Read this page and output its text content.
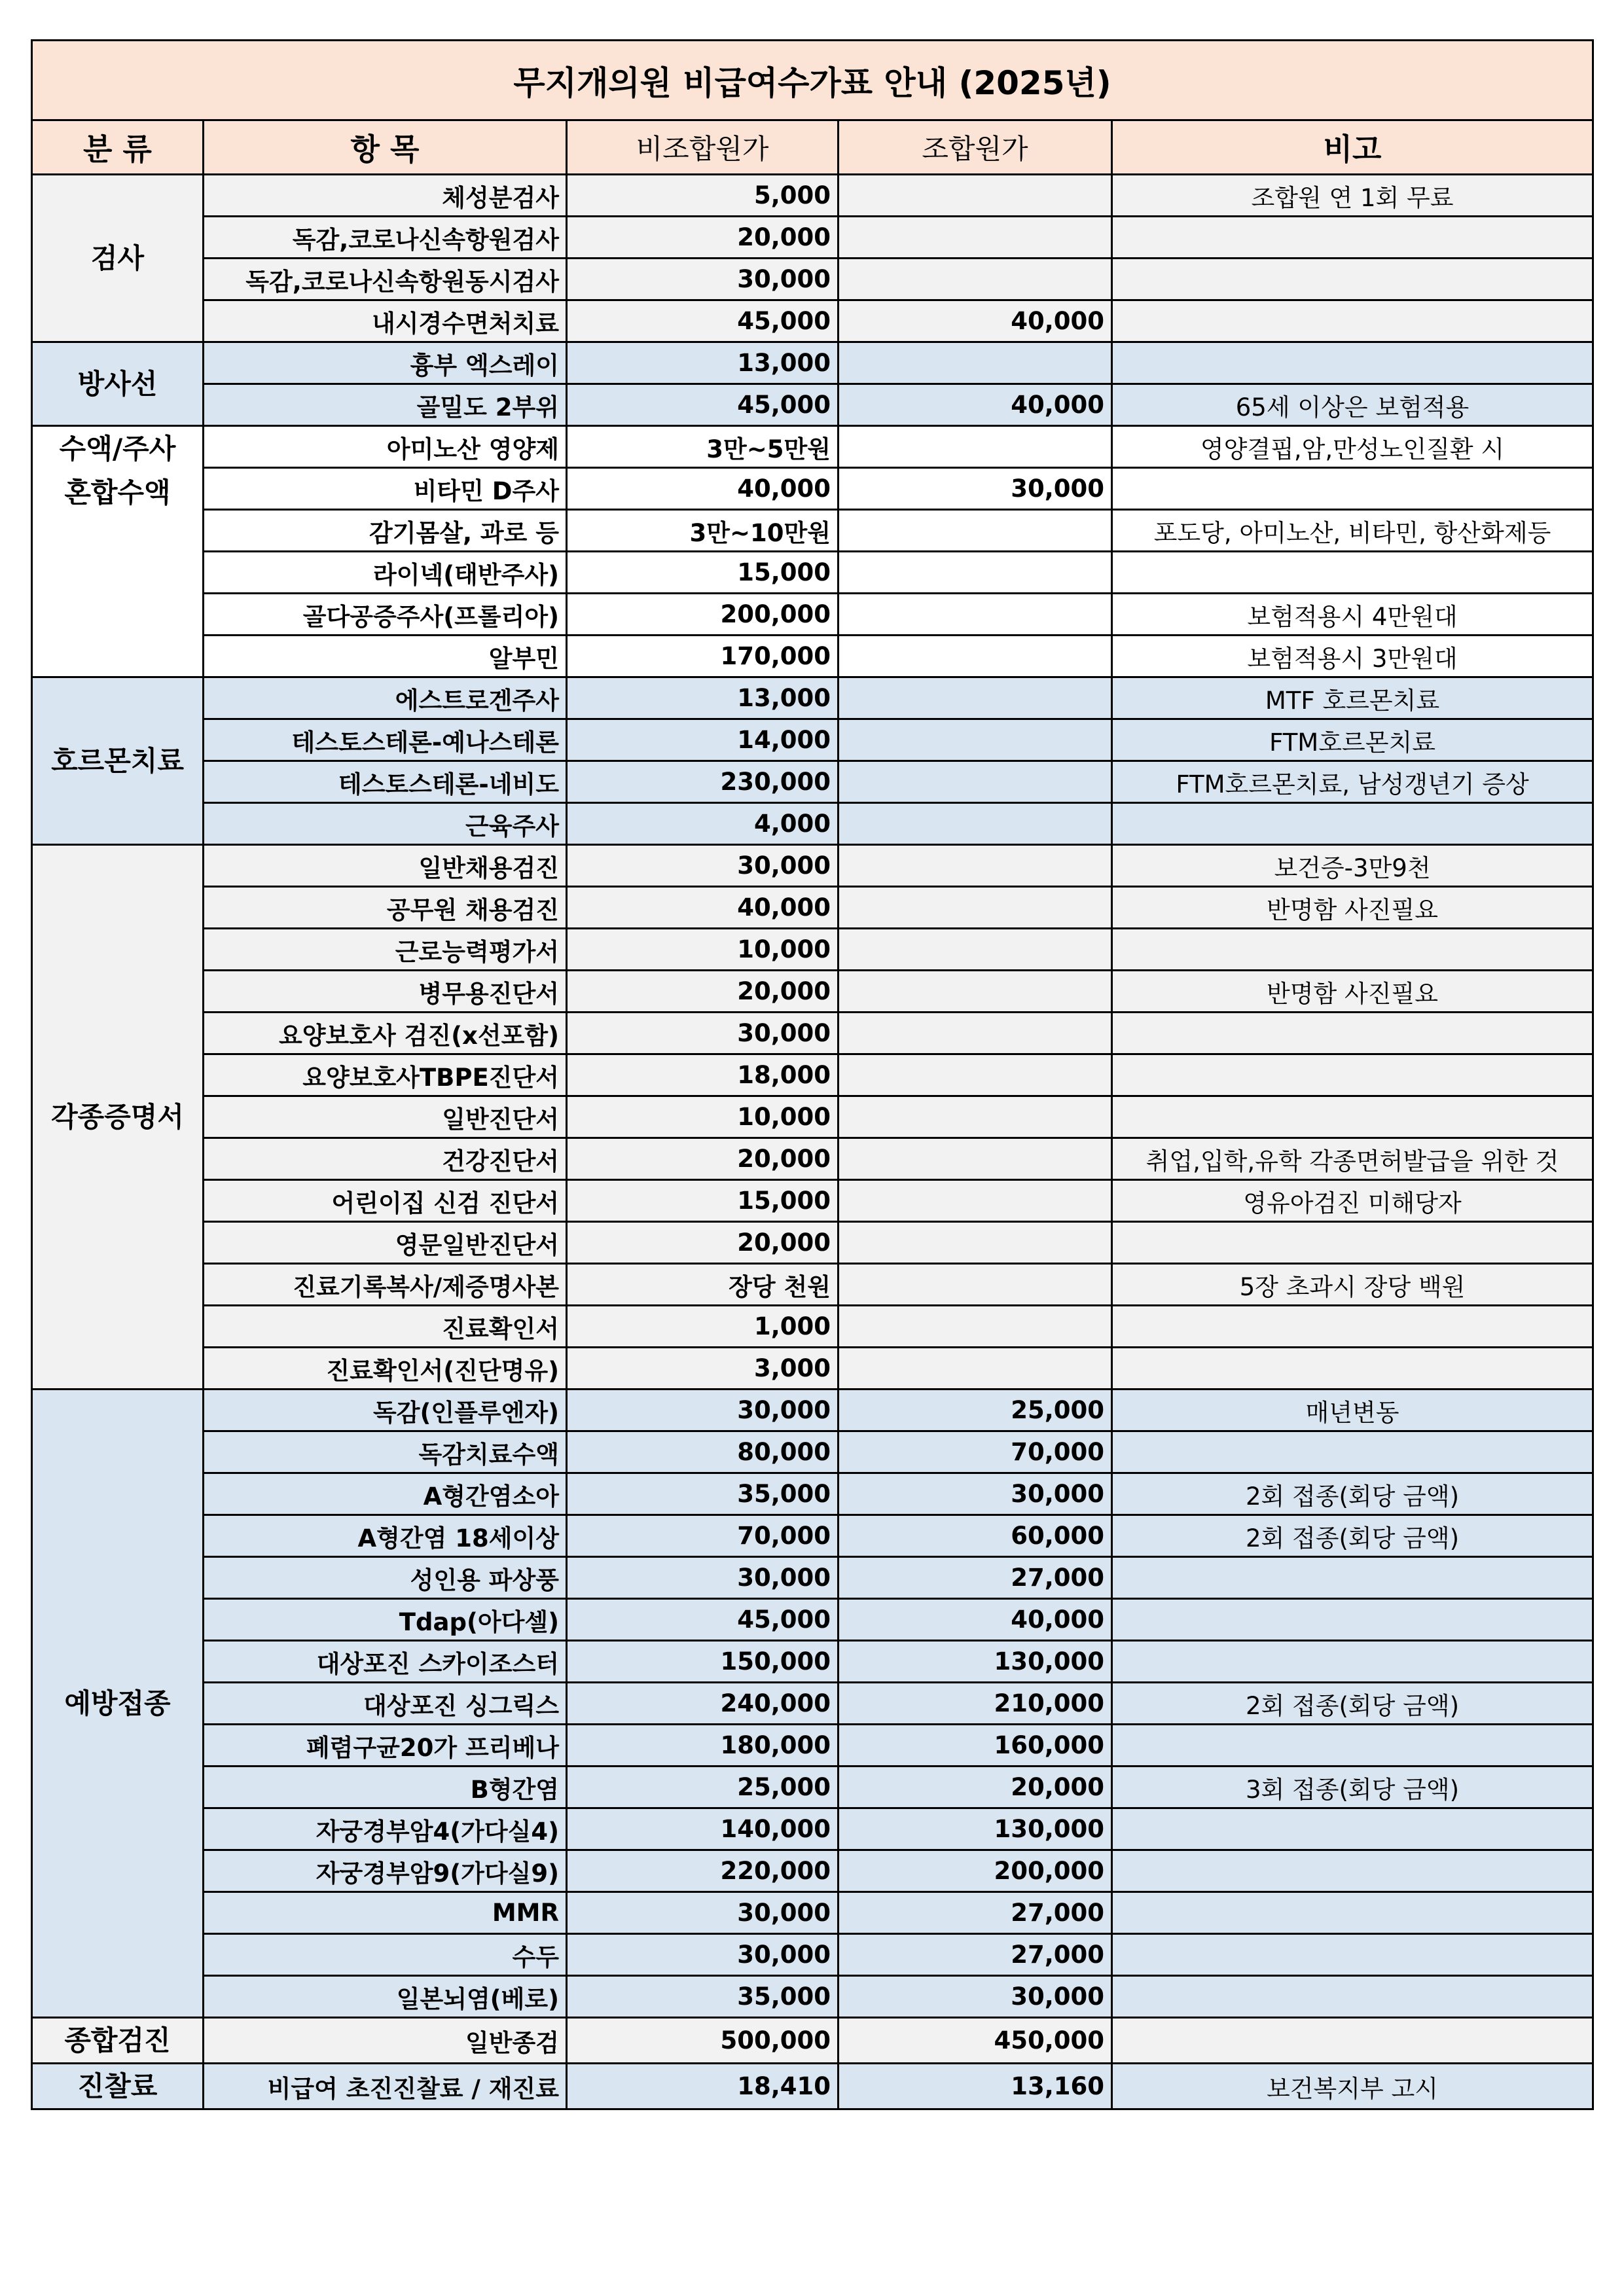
무지개의원 비급여수가표 안내 (2025년)				
분 류	항 목	비조합원가	조합원가	비고
검사	체성분검사	5,000		조합원 연 1회 무료
	독감,코로나신속항원검사	20,000		
	독감,코로나신속항원동시검사	30,000		
	내시경수면처치료	45,000	40,000	
방사선	흉부 엑스레이	13,000		
	골밀도 2부위	45,000	40,000	65세 이상은 보험적용
수액/주사
혼합수액	아미노산 영양제	3만~5만원		영양결핍,암,만성노인질환 시
	비타민 D주사	40,000	30,000	
	감기몸살, 과로 등	3만~10만원		포도당, 아미노산, 비타민, 항산화제등
	라이넥(태반주사)	15,000		
	골다공증주사(프롤리아)	200,000		보험적용시 4만원대
	알부민	170,000		보험적용시 3만원대
호르몬치료	에스트로겐주사	13,000		MTF 호르몬치료
	테스토스테론-예나스테론	14,000		FTM호르몬치료
	테스토스테론-네비도	230,000		FTM호르몬치료, 남성갱년기 증상
	근육주사	4,000		
각종증명서	일반채용검진	30,000		보건증-3만9천
	공무원 채용검진	40,000		반명함 사진필요
	근로능력평가서	10,000		
	병무용진단서	20,000		반명함 사진필요
	요양보호사 검진(x선포함)	30,000		
	요양보호사TBPE진단서	18,000		
	일반진단서	10,000		
	건강진단서	20,000		취업,입학,유학 각종면허발급을 위한 것
	어린이집 신검 진단서	15,000		영유아검진 미해당자
	영문일반진단서	20,000		
	진료기록복사/제증명사본	장당 천원		5장 초과시 장당 백원
	진료확인서	1,000		
	진료확인서(진단명유)	3,000		
예방접종	독감(인플루엔자)	30,000	25,000	매년변동
	독감치료수액	80,000	70,000	
	A형간염소아	35,000	30,000	2회 접종(회당 금액)
	A형간염 18세이상	70,000	60,000	2회 접종(회당 금액)
	성인용 파상풍	30,000	27,000	
	Tdap(아다셀)	45,000	40,000	
	대상포진 스카이조스터	150,000	130,000	
	대상포진 싱그릭스	240,000	210,000	2회 접종(회당 금액)
	폐렴구균20가 프리베나	180,000	160,000	
	B형간염	25,000	20,000	3회 접종(회당 금액)
	자궁경부암4(가다실4)	140,000	130,000	
	자궁경부암9(가다실9)	220,000	200,000	
	MMR	30,000	27,000	
	수두	30,000	27,000	
	일본뇌염(베로)	35,000	30,000	
종합검진	일반종검	500,000	450,000	
진찰료	비급여 초진진찰료 / 재진료	18,410	13,160	보건복지부 고시
